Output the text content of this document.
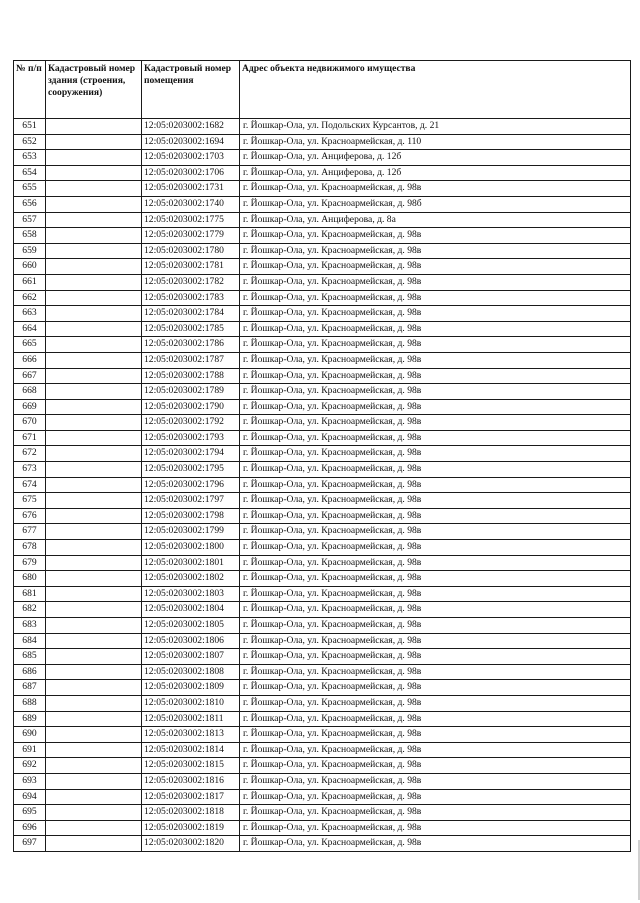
№ п/п	Кадастровый номер здания (строения, сооружения)	Кадастровый номер помещения	Адрес объекта недвижимого имущества
651		12:05:0203002:1682	г. Йошкар-Ола, ул. Подольских Курсантов, д. 21
652		12:05:0203002:1694	г. Йошкар-Ола, ул. Красноармейская, д. 110
653		12:05:0203002:1703	г. Йошкар-Ола, ул. Анциферова, д. 12б
654		12:05:0203002:1706	г. Йошкар-Ола, ул. Анциферова, д. 12б
655		12:05:0203002:1731	г. Йошкар-Ола, ул. Красноармейская, д. 98в
656		12:05:0203002:1740	г. Йошкар-Ола, ул. Красноармейская, д. 98б
657		12:05:0203002:1775	г. Йошкар-Ола, ул. Анциферова, д. 8а
658		12:05:0203002:1779	г. Йошкар-Ола, ул. Красноармейская, д. 98в
659		12:05:0203002:1780	г. Йошкар-Ола, ул. Красноармейская, д. 98в
660		12:05:0203002:1781	г. Йошкар-Ола, ул. Красноармейская, д. 98в
661		12:05:0203002:1782	г. Йошкар-Ола, ул. Красноармейская, д. 98в
662		12:05:0203002:1783	г. Йошкар-Ола, ул. Красноармейская, д. 98в
663		12:05:0203002:1784	г. Йошкар-Ола, ул. Красноармейская, д. 98в
664		12:05:0203002:1785	г. Йошкар-Ола, ул. Красноармейская, д. 98в
665		12:05:0203002:1786	г. Йошкар-Ола, ул. Красноармейская, д. 98в
666		12:05:0203002:1787	г. Йошкар-Ола, ул. Красноармейская, д. 98в
667		12:05:0203002:1788	г. Йошкар-Ола, ул. Красноармейская, д. 98в
668		12:05:0203002:1789	г. Йошкар-Ола, ул. Красноармейская, д. 98в
669		12:05:0203002:1790	г. Йошкар-Ола, ул. Красноармейская, д. 98в
670		12:05:0203002:1792	г. Йошкар-Ола, ул. Красноармейская, д. 98в
671		12:05:0203002:1793	г. Йошкар-Ола, ул. Красноармейская, д. 98в
672		12:05:0203002:1794	г. Йошкар-Ола, ул. Красноармейская, д. 98в
673		12:05:0203002:1795	г. Йошкар-Ола, ул. Красноармейская, д. 98в
674		12:05:0203002:1796	г. Йошкар-Ола, ул. Красноармейская, д. 98в
675		12:05:0203002:1797	г. Йошкар-Ола, ул. Красноармейская, д. 98в
676		12:05:0203002:1798	г. Йошкар-Ола, ул. Красноармейская, д. 98в
677		12:05:0203002:1799	г. Йошкар-Ола, ул. Красноармейская, д. 98в
678		12:05:0203002:1800	г. Йошкар-Ола, ул. Красноармейская, д. 98в
679		12:05:0203002:1801	г. Йошкар-Ола, ул. Красноармейская, д. 98в
680		12:05:0203002:1802	г. Йошкар-Ола, ул. Красноармейская, д. 98в
681		12:05:0203002:1803	г. Йошкар-Ола, ул. Красноармейская, д. 98в
682		12:05:0203002:1804	г. Йошкар-Ола, ул. Красноармейская, д. 98в
683		12:05:0203002:1805	г. Йошкар-Ола, ул. Красноармейская, д. 98в
684		12:05:0203002:1806	г. Йошкар-Ола, ул. Красноармейская, д. 98в
685		12:05:0203002:1807	г. Йошкар-Ола, ул. Красноармейская, д. 98в
686		12:05:0203002:1808	г. Йошкар-Ола, ул. Красноармейская, д. 98в
687		12:05:0203002:1809	г. Йошкар-Ола, ул. Красноармейская, д. 98в
688		12:05:0203002:1810	г. Йошкар-Ола, ул. Красноармейская, д. 98в
689		12:05:0203002:1811	г. Йошкар-Ола, ул. Красноармейская, д. 98в
690		12:05:0203002:1813	г. Йошкар-Ола, ул. Красноармейская, д. 98в
691		12:05:0203002:1814	г. Йошкар-Ола, ул. Красноармейская, д. 98в
692		12:05:0203002:1815	г. Йошкар-Ола, ул. Красноармейская, д. 98в
693		12:05:0203002:1816	г. Йошкар-Ола, ул. Красноармейская, д. 98в
694		12:05:0203002:1817	г. Йошкар-Ола, ул. Красноармейская, д. 98в
695		12:05:0203002:1818	г. Йошкар-Ола, ул. Красноармейская, д. 98в
696		12:05:0203002:1819	г. Йошкар-Ола, ул. Красноармейская, д. 98в
697		12:05:0203002:1820	г. Йошкар-Ола, ул. Красноармейская, д. 98в
